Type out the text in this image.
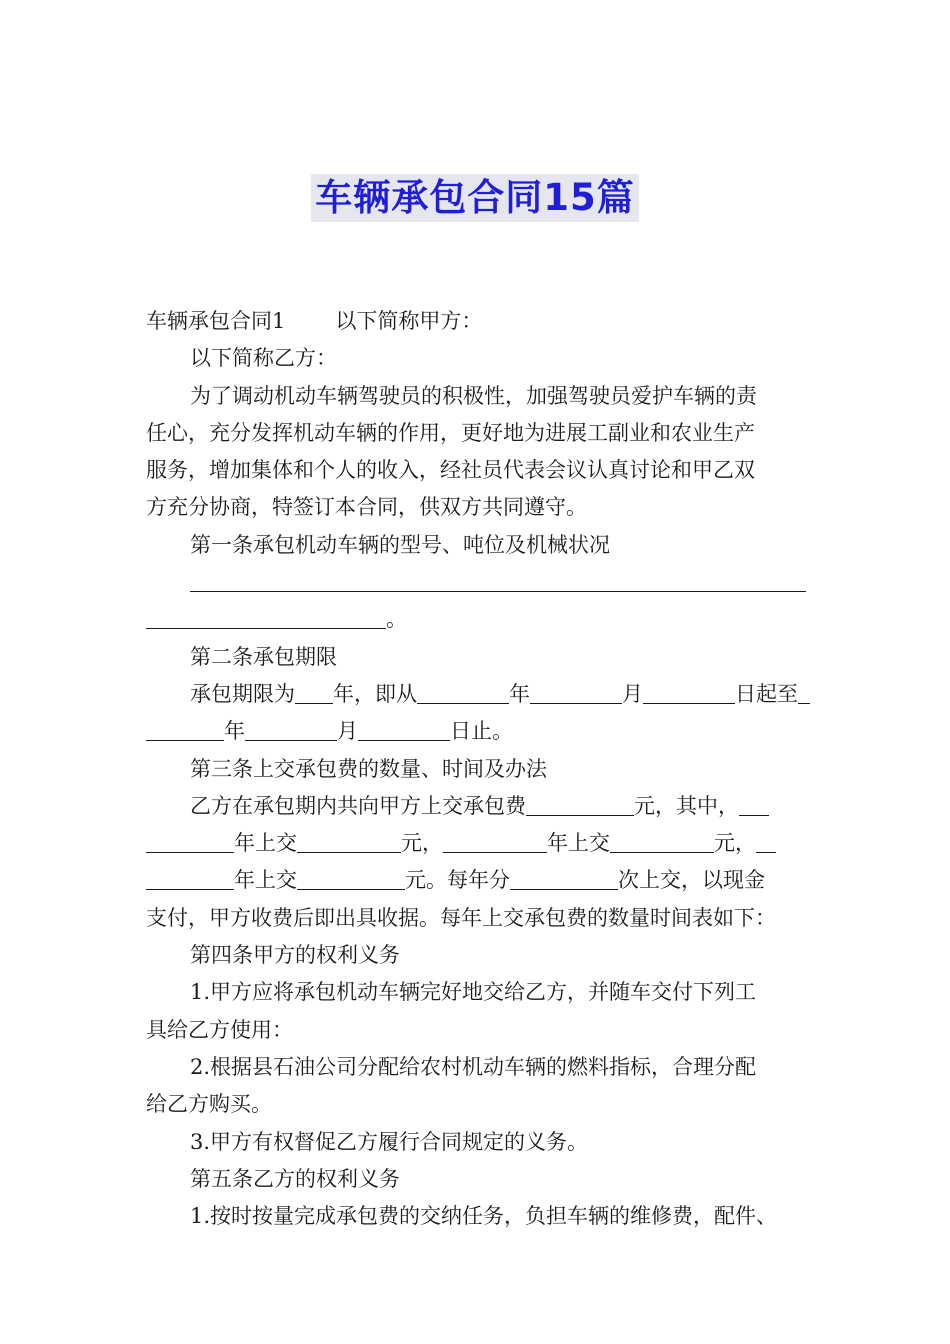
车辆承包合同15篇
车辆承包合同1 以下简称甲方：
以下简称乙方：
为了调动机动车辆驾驶员的积极性，加强驾驶员爱护车辆的责
任心，充分发挥机动车辆的作用，更好地为进展工副业和农业生产
服务，增加集体和个人的收入，经社员代表会议认真讨论和甲乙双
方充分协商，特签订本合同，供双方共同遵守。
第一条承包机动车辆的型号、吨位及机械状况
。
第二条承包期限
承包期限为 年，即从	年	月	日起至
年	月	日止。
第三条上交承包费的数量、时间及办法
乙方在承包期内共向甲方上交承包费	元，其中，
年上交	元，	年上交	元，
年上交	元。每年分	次上交，以现金
支付，甲方收费后即出具收据。每年上交承包费的数量时间表如下：
第四条甲方的权利义务
1.甲方应将承包机动车辆完好地交给乙方，并随车交付下列工
具给乙方使用：
2.根据县石油公司分配给农村机动车辆的燃料指标，合理分配
给乙方购买。
3.甲方有权督促乙方履行合同规定的义务。
第五条乙方的权利义务
1.按时按量完成承包费的交纳任务，负担车辆的维修费，配件、
